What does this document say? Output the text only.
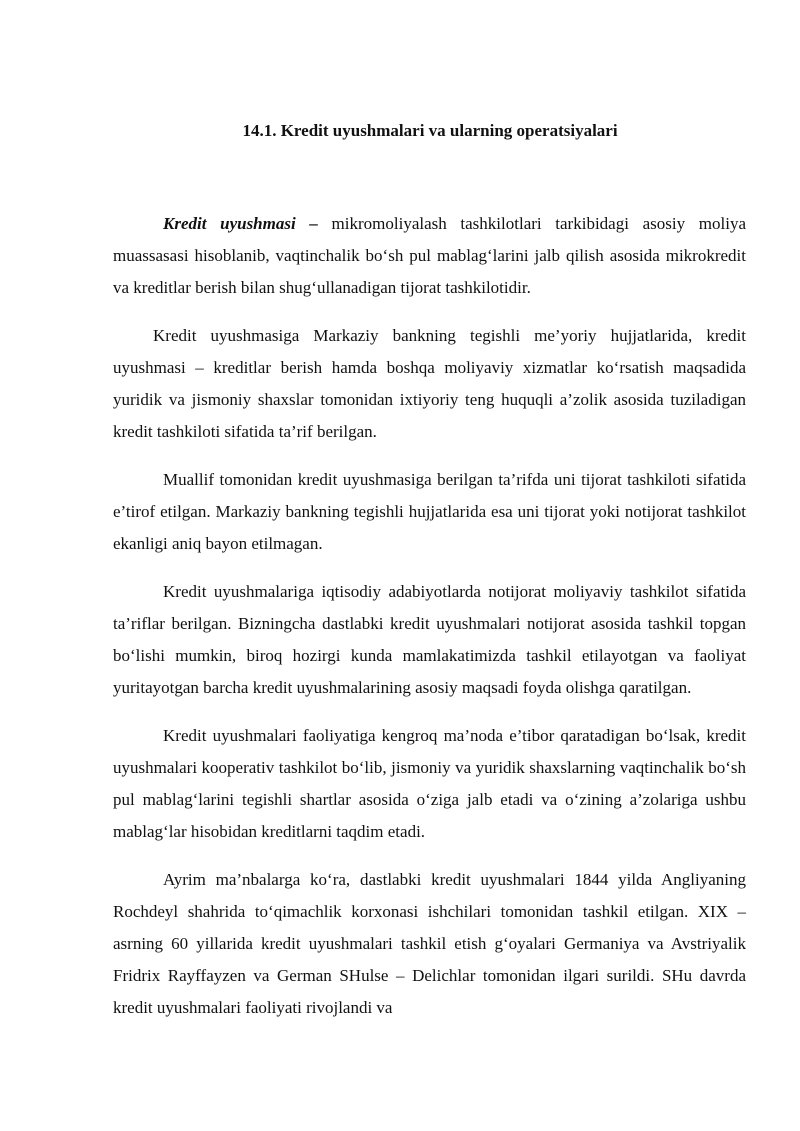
14.1. Kredit uyushmalari va ularning operatsiyalari

Kredit uyushmasi – mikromoliyalash tashkilotlari tarkibidagi asosiy moliya muassasasi hisoblanib, vaqtinchalik bo‘sh pul mablag‘larini jalb qilish asosida mikrokredit va kreditlar berish bilan shug‘ullanadigan tijorat tashkilotidir.

Kredit uyushmasiga Markaziy bankning tegishli me’yoriy hujjatlarida, kredit uyushmasi – kreditlar berish hamda boshqa moliyaviy xizmatlar ko‘rsatish maqsadida yuridik va jismoniy shaxslar tomonidan ixtiyoriy teng huquqli a’zolik asosida tuziladigan kredit tashkiloti sifatida ta’rif berilgan.

Muallif tomonidan kredit uyushmasiga berilgan ta’rifda uni tijorat tashkiloti sifatida e’tirof etilgan. Markaziy bankning tegishli hujjatlarida esa uni tijorat yoki notijorat tashkilot ekanligi aniq bayon etilmagan.

Kredit uyushmalariga iqtisodiy adabiyotlarda notijorat moliyaviy tashkilot sifatida ta’riflar berilgan. Bizningcha dastlabki kredit uyushmalari notijorat asosida tashkil topgan bo‘lishi mumkin, biroq hozirgi kunda mamlakatimizda tashkil etilayotgan va faoliyat yuritayotgan barcha kredit uyushmalarining asosiy maqsadi foyda olishga qaratilgan.

Kredit uyushmalari faoliyatiga kengroq ma’noda e’tibor qaratadigan bo‘lsak, kredit uyushmalari kooperativ tashkilot bo‘lib, jismoniy va yuridik shaxslarning vaqtinchalik bo‘sh pul mablag‘larini tegishli shartlar asosida o‘ziga jalb etadi va o‘zining a’zolariga ushbu mablag‘lar hisobidan kreditlarni taqdim etadi.

Ayrim ma’nbalarga ko‘ra, dastlabki kredit uyushmalari 1844 yilda Angliyaning Rochdeyl shahrida to‘qimachlik korxonasi ishchilari tomonidan tashkil etilgan. XIX – asrning 60 yillarida kredit uyushmalari tashkil etish g‘oyalari Germaniya va Avstriyalik Fridrix Rayffayzen va German SHulse – Delichlar tomonidan ilgari surildi. SHu davrda kredit uyushmalari faoliyati rivojlandi va
